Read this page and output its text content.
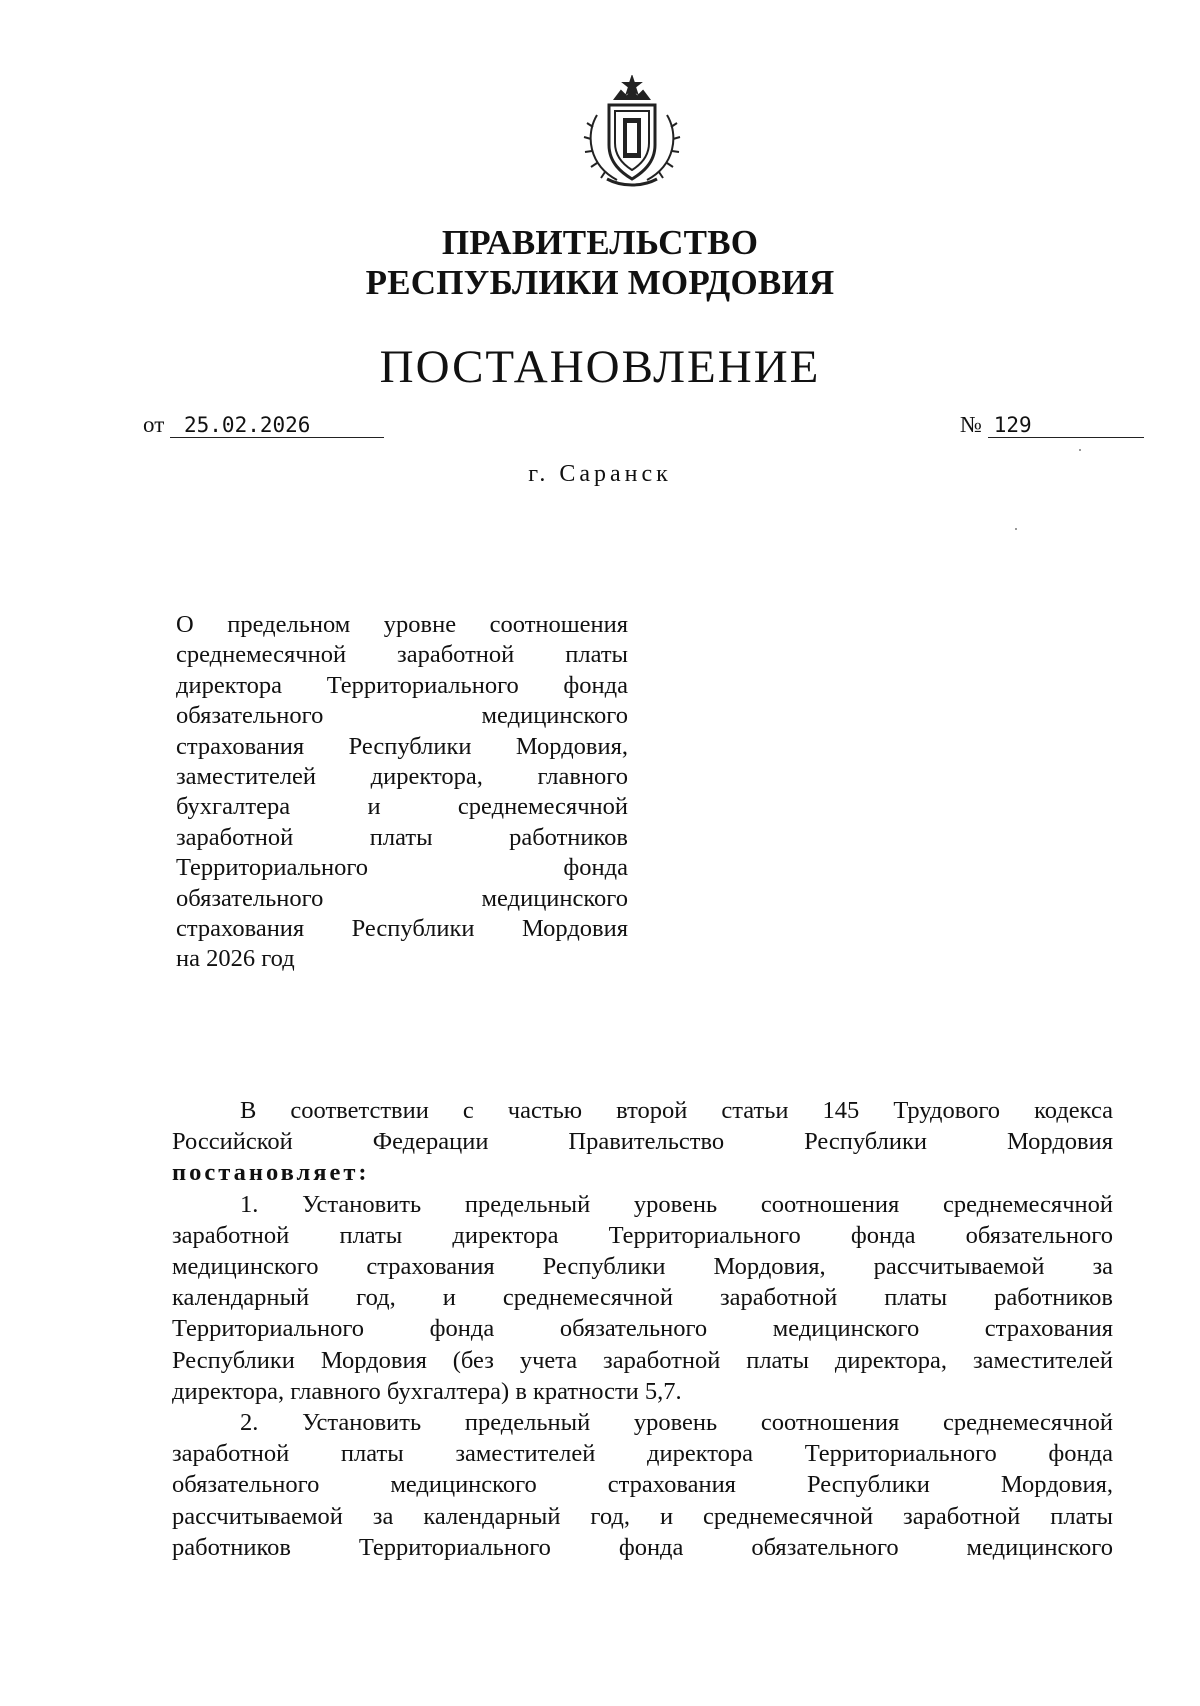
ПРАВИТЕЛЬСТВО
РЕСПУБЛИКИ МОРДОВИЯ
ПОСТАНОВЛЕНИЕ
от 25.02.2026	№ 129
г. Саранск
О предельном уровне соотношения
среднемесячной заработной платы
директора Территориального фонда
обязательного медицинского
страхования Республики Мордовия,
заместителей директора, главного
бухгалтера и среднемесячной
заработной платы работников
Территориального фонда
обязательного медицинского
страхования Республики Мордовия
на 2026 год
В соответствии с частью второй статьи 145 Трудового кодекса
Российской Федерации Правительство Республики Мордовия
постановляет:
1. Установить предельный уровень соотношения среднемесячной
заработной платы директора Территориального фонда обязательного
медицинского страхования Республики Мордовия, рассчитываемой за
календарный год, и среднемесячной заработной платы работников
Территориального фонда обязательного медицинского страхования
Республики Мордовия (без учета заработной платы директора, заместителей
директора, главного бухгалтера) в кратности 5,7.
2. Установить предельный уровень соотношения среднемесячной
заработной платы заместителей директора Территориального фонда
обязательного медицинского страхования Республики Мордовия,
рассчитываемой за календарный год, и среднемесячной заработной платы
работников Территориального фонда обязательного медицинского
